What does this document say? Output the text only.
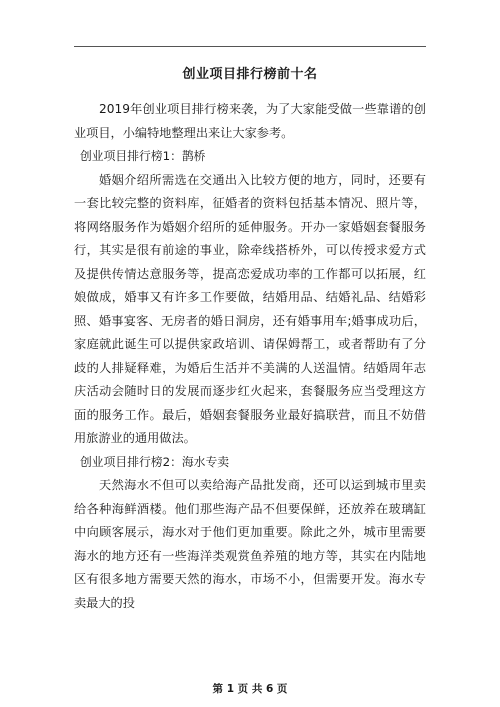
创业项目排行榜前十名

2019年创业项目排行榜来袭，为了大家能受做一些靠谱的创业项目，小编特地整理出来让大家参考。

创业项目排行榜1：鹊桥

婚姻介绍所需选在交通出入比较方便的地方，同时，还要有一套比较完整的资料库，征婚者的资料包括基本情况、照片等，将网络服务作为婚姻介绍所的延伸服务。开办一家婚姻套餐服务行，其实是很有前途的事业，除牵线搭桥外，可以传授求爱方式及提供传情达意服务等，提高恋爱成功率的工作都可以拓展，红娘做成，婚事又有许多工作要做，结婚用品、结婚礼品、结婚彩照、婚事宴客、无房者的婚日洞房，还有婚事用车;婚事成功后，家庭就此诞生可以提供家政培训、请保姆帮工，或者帮助有了分歧的人排疑释难，为婚后生活并不美满的人送温情。结婚周年志庆活动会随时日的发展而逐步红火起来，套餐服务应当受理这方面的服务工作。最后，婚姻套餐服务业最好搞联营，而且不妨借用旅游业的通用做法。

创业项目排行榜2：海水专卖

天然海水不但可以卖给海产品批发商，还可以运到城市里卖给各种海鲜酒楼。他们那些海产品不但要保鲜，还放养在玻璃缸中向顾客展示，海水对于他们更加重要。除此之外，城市里需要海水的地方还有一些海洋类观赏鱼养殖的地方等，其实在内陆地区有很多地方需要天然的海水，市场不小，但需要开发。海水专卖最大的投

第 1 页 共 6 页
